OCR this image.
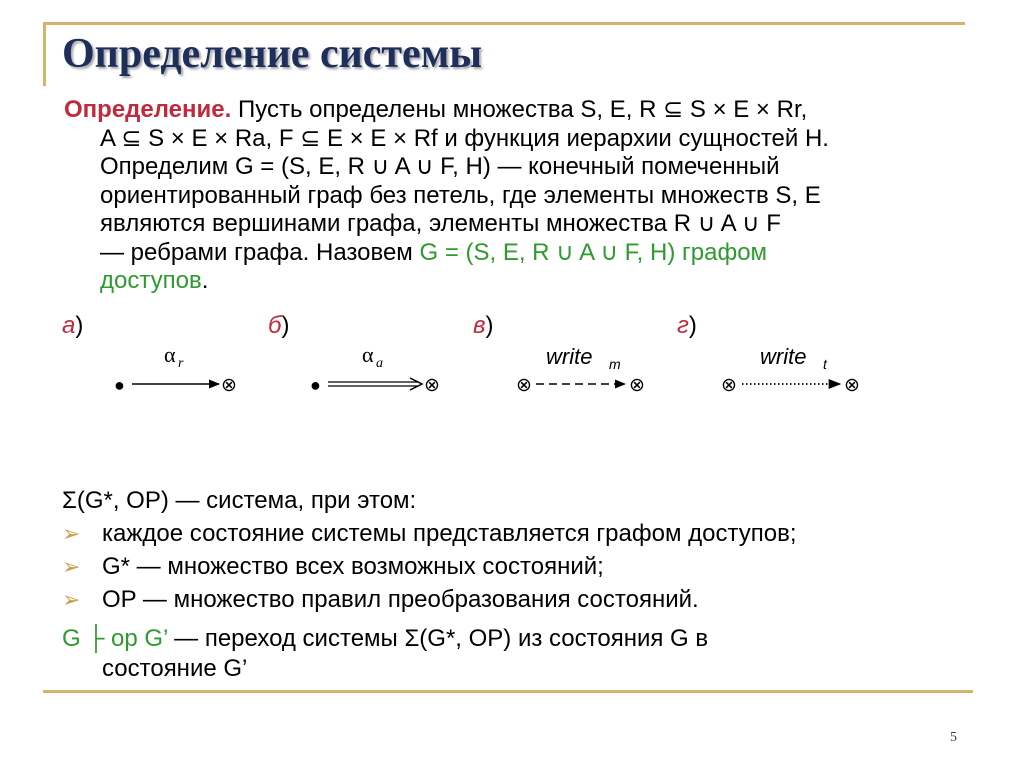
Определение системы
Определение. Пусть определены множества S, E, R ⊆ S × E × Rr,
A ⊆ S × E × Ra, F ⊆ E × E × Rf и функция иерархии сущностей H.
Определим G = (S, E, R ∪ A ∪ F, H) — конечный помеченный
ориентированный граф без петель, где элементы множеств S, E
являются вершинами графа, элементы множества R ∪ A ∪ F
— ребрами графа. Назовем G = (S, E, R ∪ A ∪ F, H) графом
доступов.
а)	б)	в)	г)
α r
●	⊗
α a
●	⊗
write m
⊗	⊗
write t
⊗	⊗
Σ(G*, OP) — система, при этом:
➢ каждое состояние системы представляется графом доступов;
➢ G* — множество всех возможных состояний;
➢ OP — множество правил преобразования состояний.
G ├ op G’ — переход системы Σ(G*, OP) из состояния G в
состояние G’
5
